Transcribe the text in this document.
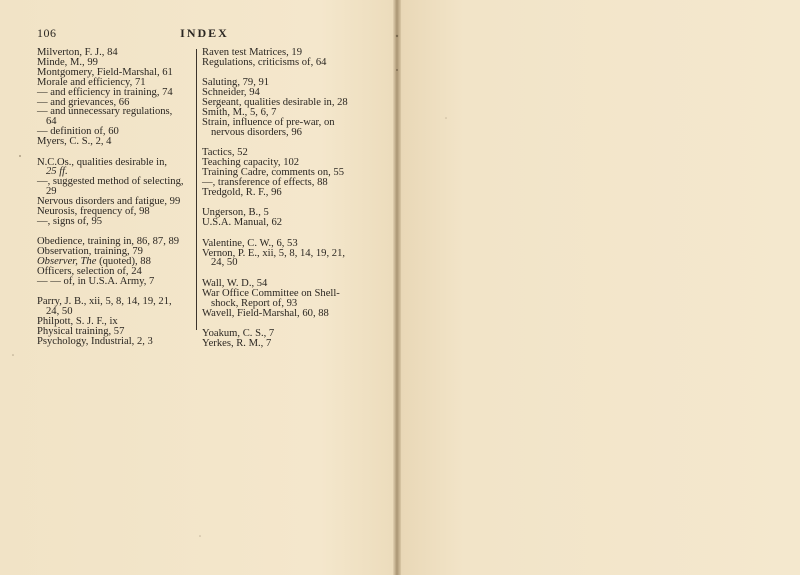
106	INDEX
Milverton, F. J., 84
Minde, M., 99
Montgomery, Field-Marshal, 61
Morale and efficiency, 71
— and efficiency in training, 74
— and grievances, 66
— and unnecessary regulations,
64
— definition of, 60
Myers, C. S., 2, 4
N.C.Os., qualities desirable in,
25 ff.
—, suggested method of selecting,
29
Nervous disorders and fatigue, 99
Neurosis, frequency of, 98
—, signs of, 95
Obedience, training in, 86, 87, 89
Observation, training, 79
Observer, The (quoted), 88
Officers, selection of, 24
— — of, in U.S.A. Army, 7
Parry, J. B., xii, 5, 8, 14, 19, 21,
24, 50
Philpott, S. J. F., ix
Physical training, 57
Psychology, Industrial, 2, 3
Raven test Matrices, 19
Regulations, criticisms of, 64
Saluting, 79, 91
Schneider, 94
Sergeant, qualities desirable in, 28
Smith, M., 5, 6, 7
Strain, influence of pre-war, on
nervous disorders, 96
Tactics, 52
Teaching capacity, 102
Training Cadre, comments on, 55
—, transference of effects, 88
Tredgold, R. F., 96
Ungerson, B., 5
U.S.A. Manual, 62
Valentine, C. W., 6, 53
Vernon, P. E., xii, 5, 8, 14, 19, 21,
24, 50
Wall, W. D., 54
War Office Committee on Shell-
shock, Report of, 93
Wavell, Field-Marshal, 60, 88
Yoakum, C. S., 7
Yerkes, R. M., 7
